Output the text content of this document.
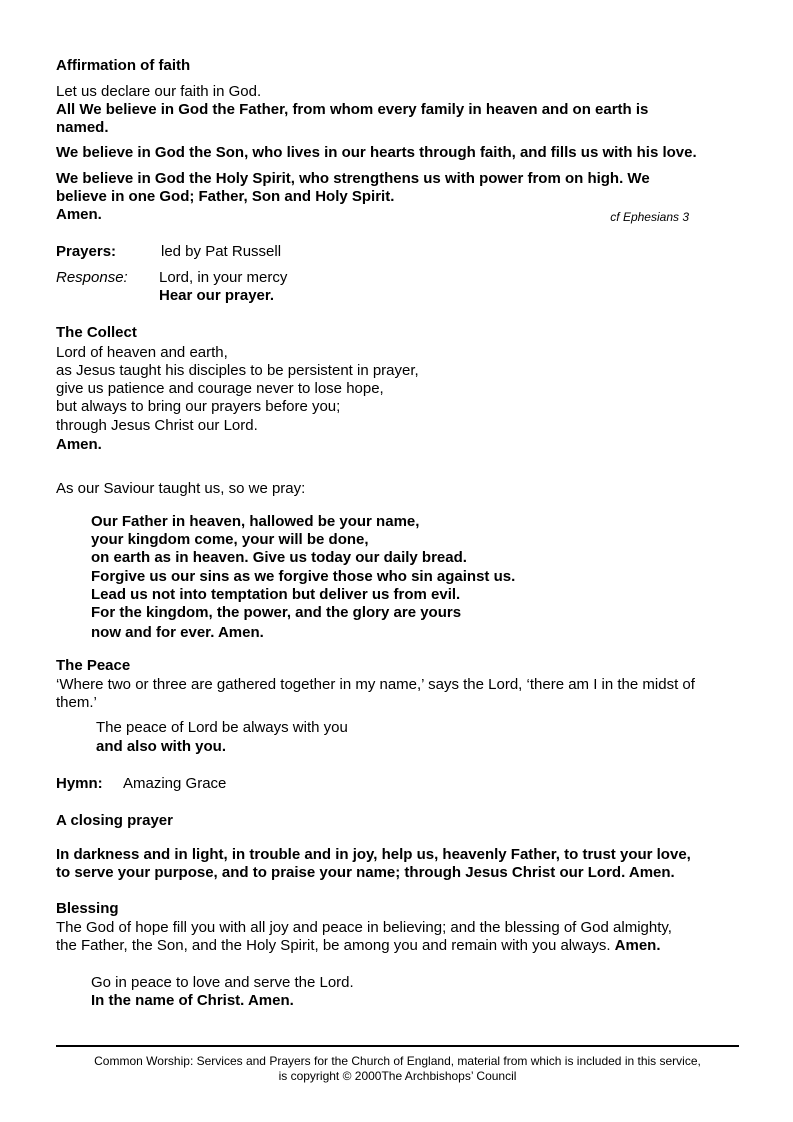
Affirmation of faith
Let us declare our faith in God.
All We believe in God the Father, from whom every family in heaven and on earth is
named.
We believe in God the Son, who lives in our hearts through faith, and fills us with his love.
We believe in God the Holy Spirit, who strengthens us with power from on high. We
believe in one God; Father, Son and Holy Spirit.
Amen.	cf Ephesians 3
Prayers:	led by Pat Russell
Response: Lord, in your mercy
Hear our prayer.
The Collect
Lord of heaven and earth,
as Jesus taught his disciples to be persistent in prayer,
give us patience and courage never to lose hope,
but always to bring our prayers before you;
through Jesus Christ our Lord.
Amen.
As our Saviour taught us, so we pray:
Our Father in heaven, hallowed be your name,
your kingdom come, your will be done,
on earth as in heaven. Give us today our daily bread.
Forgive us our sins as we forgive those who sin against us.
Lead us not into temptation but deliver us from evil.
For the kingdom, the power, and the glory are yours
now and for ever. Amen.
The Peace
‘Where two or three are gathered together in my name,’ says the Lord, ‘there am I in the midst of
them.’
The peace of Lord be always with you
and also with you.
Hymn: Amazing Grace
A closing prayer
In darkness and in light, in trouble and in joy, help us, heavenly Father, to trust your love,
to serve your purpose, and to praise your name; through Jesus Christ our Lord. Amen.
Blessing
The God of hope fill you with all joy and peace in believing; and the blessing of God almighty,
the Father, the Son, and the Holy Spirit, be among you and remain with you always. Amen.
Go in peace to love and serve the Lord.
In the name of Christ. Amen.
Common Worship: Services and Prayers for the Church of England, material from which is included in this service,
is copyright © 2000The Archbishops’ Council
